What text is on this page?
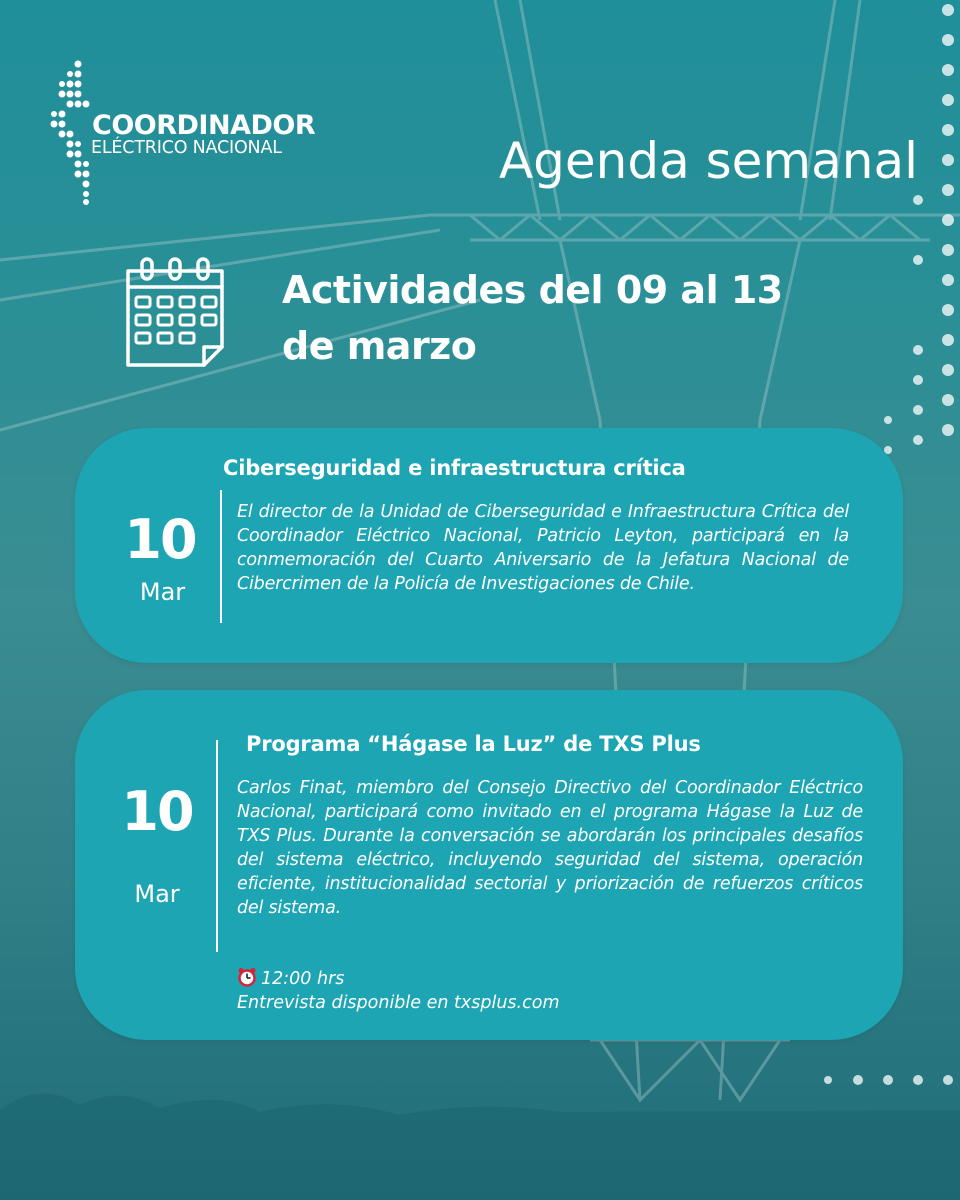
COORDINADOR
ELÉCTRICO NACIONAL	Agenda semanal
Actividades del 09 al 13 de marzo
10
Mar
Ciberseguridad e infraestructura crítica
El director de la Unidad de Ciberseguridad e Infraestructura Crítica del Coordinador Eléctrico Nacional, Patricio Leyton, participará en la conmemoración del Cuarto Aniversario de la Jefatura Nacional de Cibercrimen de la Policía de Investigaciones de Chile.
10
Mar
Programa “Hágase la Luz” de TXS Plus
Carlos Finat, miembro del Consejo Directivo del Coordinador Eléctrico Nacional, participará como invitado en el programa Hágase la Luz de TXS Plus. Durante la conversación se abordarán los principales desafíos del sistema eléctrico, incluyendo seguridad del sistema, operación eficiente, institucionalidad sectorial y priorización de refuerzos críticos del sistema.
12:00 hrs
Entrevista disponible en txsplus.com
